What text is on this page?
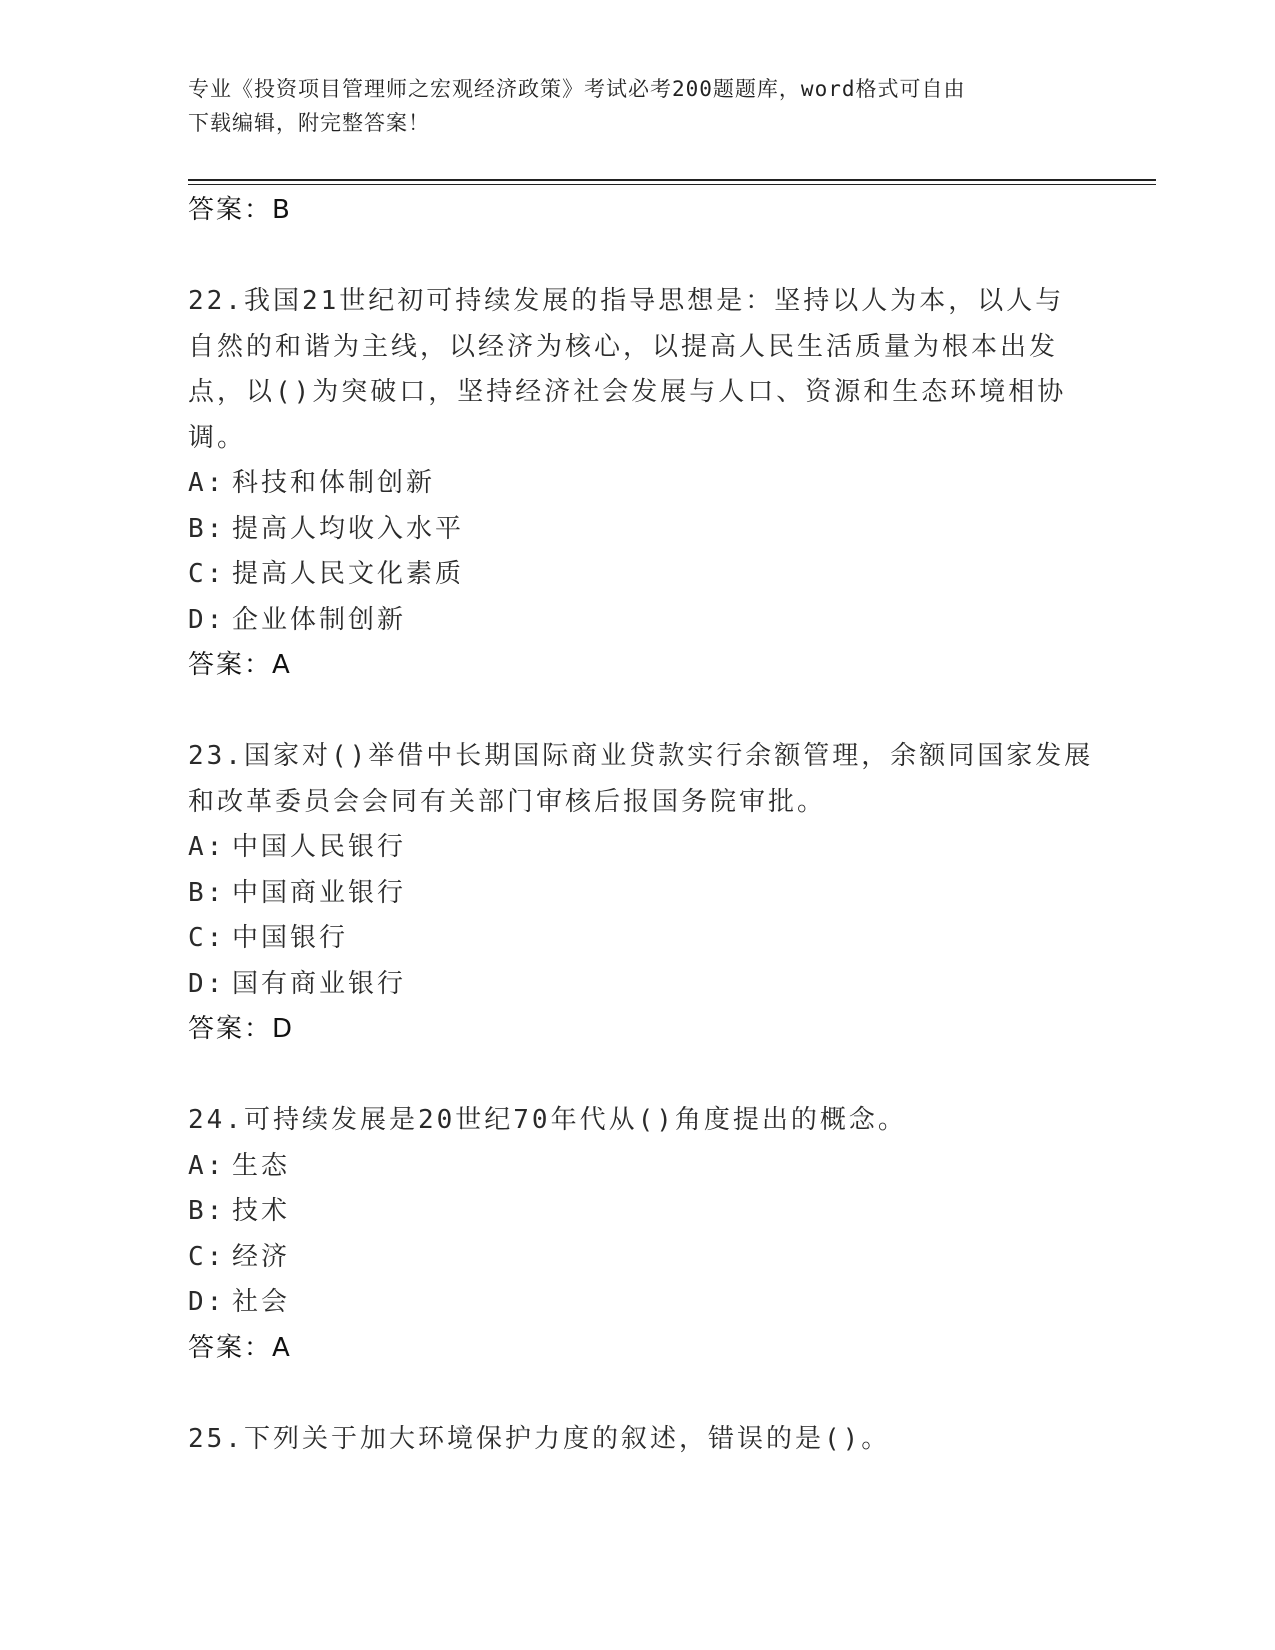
专业《投资项目管理师之宏观经济政策》考试必考200题题库，word格式可自由
下载编辑，附完整答案！
答案：B
22.我国21世纪初可持续发展的指导思想是：坚持以人为本，以人与
自然的和谐为主线，以经济为核心，以提高人民生活质量为根本出发
点，以()为突破口，坚持经济社会发展与人口、资源和生态环境相协
调。
A: 科技和体制创新
B: 提高人均收入水平
C: 提高人民文化素质
D: 企业体制创新
答案：A
23.国家对()举借中长期国际商业贷款实行余额管理，余额同国家发展
和改革委员会会同有关部门审核后报国务院审批。
A: 中国人民银行
B: 中国商业银行
C: 中国银行
D: 国有商业银行
答案：D
24.可持续发展是20世纪70年代从()角度提出的概念。
A: 生态
B: 技术
C: 经济
D: 社会
答案：A
25.下列关于加大环境保护力度的叙述，错误的是()。
